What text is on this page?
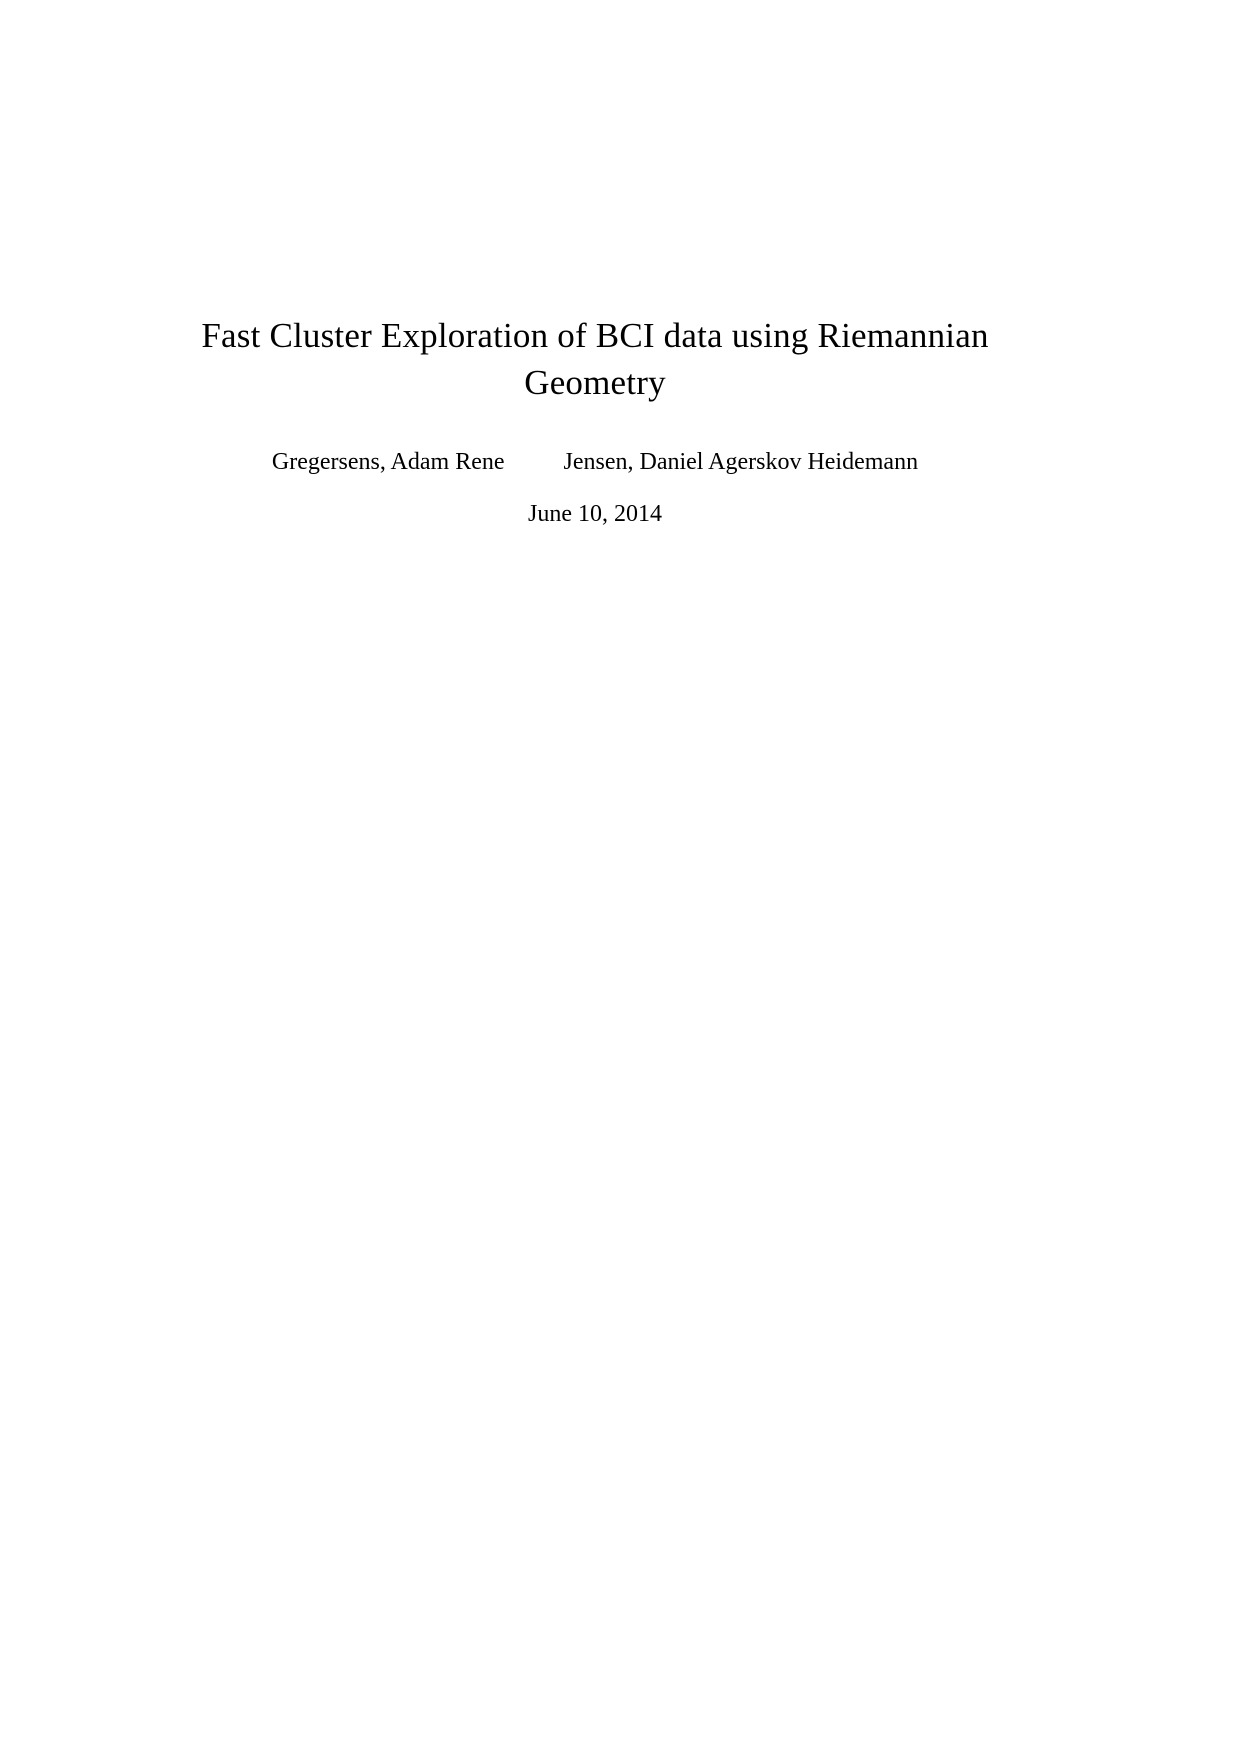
Fast Cluster Exploration of BCI data using Riemannian
Geometry
Gregersens, Adam Rene Jensen, Daniel Agerskov Heidemann
June 10, 2014
